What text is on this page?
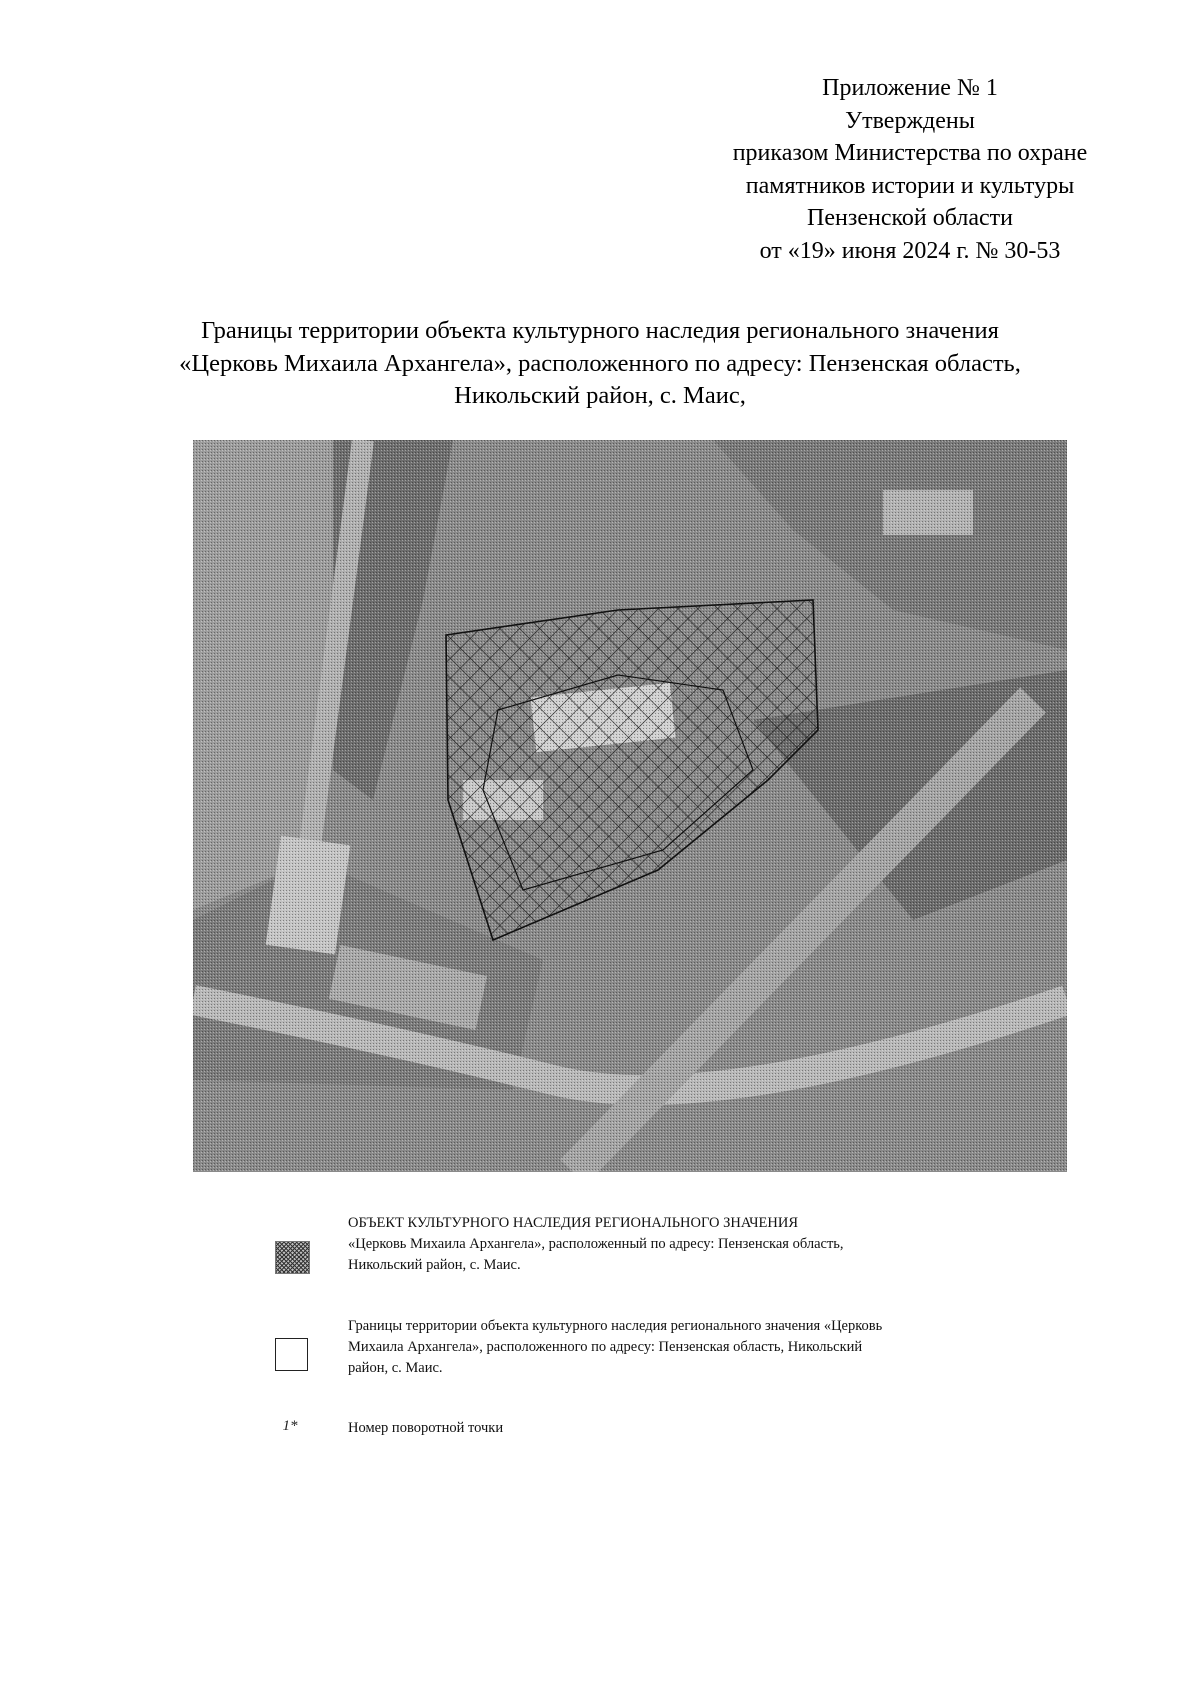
Приложение № 1
Утверждены
приказом Министерства по охране
памятников истории и культуры
Пензенской области
от «19» июня 2024 г. № 30-53
Границы территории объекта культурного наследия регионального значения
«Церковь Михаила Архангела», расположенного по адресу: Пензенская область,
Никольский район, с. Маис,
ОБЪЕКТ КУЛЬТУРНОГО НАСЛЕДИЯ РЕГИОНАЛЬНОГО ЗНАЧЕНИЯ
«Церковь Михаила Архангела», расположенный по адресу: Пензенская область,
Никольский район, с. Маис.
Границы территории объекта культурного наследия регионального значения «Церковь
Михаила Архангела», расположенного по адресу: Пензенская область, Никольский
район, с. Маис.
1*	Номер поворотной точки
